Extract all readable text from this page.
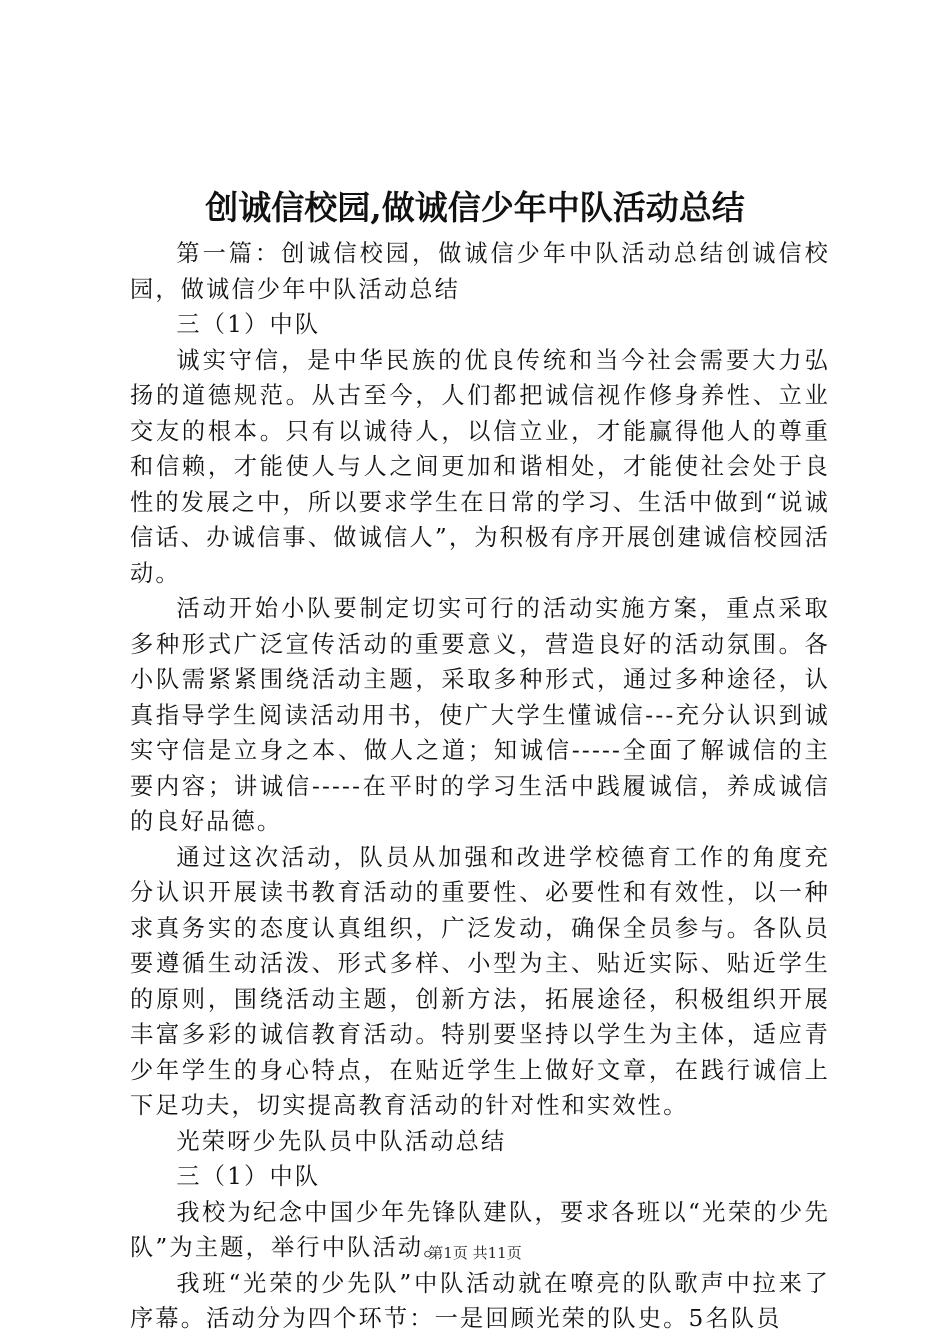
创诚信校园,做诚信少年中队活动总结

第一篇：创诚信校园，做诚信少年中队活动总结创诚信校园，做诚信少年中队活动总结

三（1）中队

诚实守信，是中华民族的优良传统和当今社会需要大力弘扬的道德规范。从古至今，人们都把诚信视作修身养性、立业交友的根本。只有以诚待人，以信立业，才能赢得他人的尊重和信赖，才能使人与人之间更加和谐相处，才能使社会处于良性的发展之中，所以要求学生在日常的学习、生活中做到“说诚信话、办诚信事、做诚信人”，为积极有序开展创建诚信校园活动。

活动开始小队要制定切实可行的活动实施方案，重点采取多种形式广泛宣传活动的重要意义，营造良好的活动氛围。各小队需紧紧围绕活动主题，采取多种形式，通过多种途径，认真指导学生阅读活动用书，使广大学生懂诚信---充分认识到诚实守信是立身之本、做人之道；知诚信-----全面了解诚信的主要内容；讲诚信-----在平时的学习生活中践履诚信，养成诚信的良好品德。

通过这次活动，队员从加强和改进学校德育工作的角度充分认识开展读书教育活动的重要性、必要性和有效性，以一种求真务实的态度认真组织，广泛发动，确保全员参与。各队员要遵循生动活泼、形式多样、小型为主、贴近实际、贴近学生的原则，围绕活动主题，创新方法，拓展途径，积极组织开展丰富多彩的诚信教育活动。特别要坚持以学生为主体，适应青少年学生的身心特点，在贴近学生上做好文章，在践行诚信上下足功夫，切实提高教育活动的针对性和实效性。

光荣呀少先队员中队活动总结

三（1）中队

我校为纪念中国少年先锋队建队，要求各班以“光荣的少先队”为主题，举行中队活动。

我班“光荣的少先队”中队活动就在嘹亮的队歌声中拉来了序幕。活动分为四个环节：一是回顾光荣的队史。5名队员

第1页 共11页
